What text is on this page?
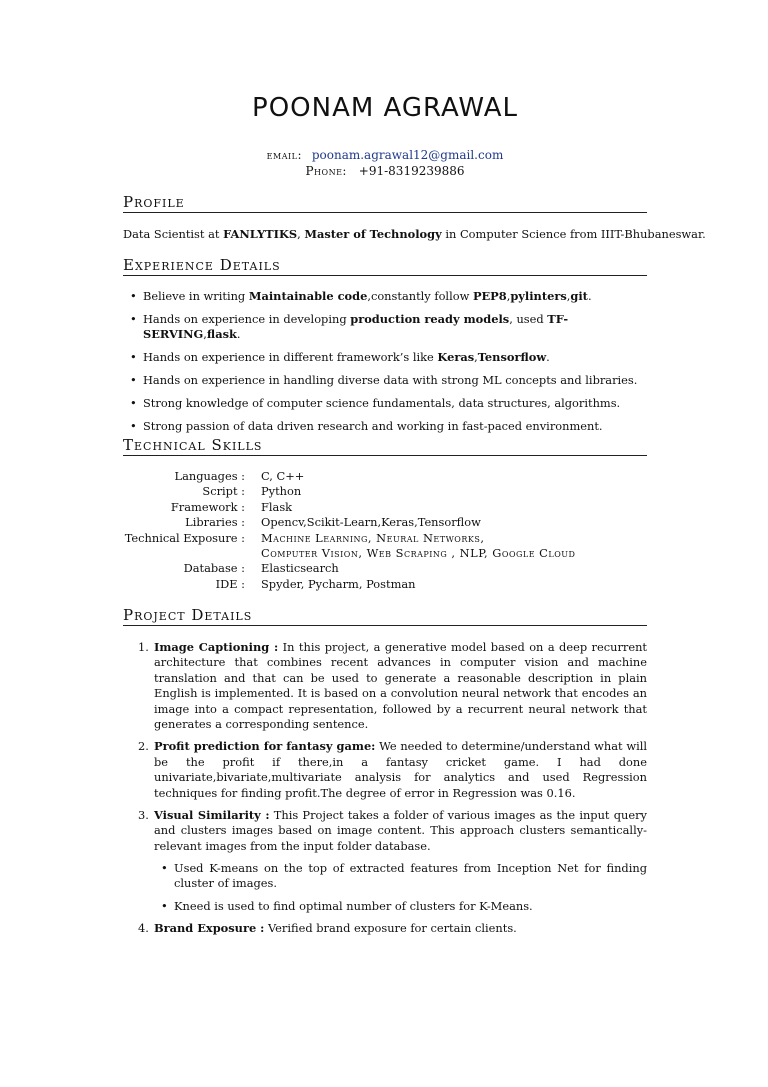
POONAM AGRAWAL
email: poonam.agrawal12@gmail.com
Phone: +91-8319239886
Profile
Data Scientist at FANLYTIKS, Master of Technology in Computer Science from IIIT-Bhubaneswar.
Experience Details
• Believe in writing Maintainable code,constantly follow PEP8,pylinters,git.
• Hands on experience in developing production ready models, used TF-SERVING,flask.
• Hands on experience in different framework’s like Keras,Tensorflow.
• Hands on experience in handling diverse data with strong ML concepts and libraries.
• Strong knowledge of computer science fundamentals, data structures, algorithms.
• Strong passion of data driven research and working in fast-paced environment.
Technical Skills
Languages : C, C++
Script : Python
Framework : Flask
Libraries : Opencv,Scikit-Learn,Keras,Tensorflow
Technical Exposure : Machine Learning, Neural Networks,
Computer Vision, Web Scraping , NLP, Google Cloud
Database : Elasticsearch
IDE : Spyder, Pycharm, Postman
Project Details
1. Image Captioning : In this project, a generative model based on a deep recurrent architecture that combines recent advances in computer vision and machine translation and that can be used to generate a reasonable description in plain English is implemented. It is based on a convolution neural network that encodes an image into a compact representation, followed by a recurrent neural network that generates a corresponding sentence.
2. Profit prediction for fantasy game: We needed to determine/understand what will be the profit if there,in a fantasy cricket game. I had done univariate,bivariate,multivariate analysis for analytics and used Regression techniques for finding profit.The degree of error in Regression was 0.16.
3. Visual Similarity : This Project takes a folder of various images as the input query and clusters images based on image content. This approach clusters semantically-relevant images from the input folder database.
• Used K-means on the top of extracted features from Inception Net for finding cluster of images.
• Kneed is used to find optimal number of clusters for K-Means.
4. Brand Exposure : Verified brand exposure for certain clients.
